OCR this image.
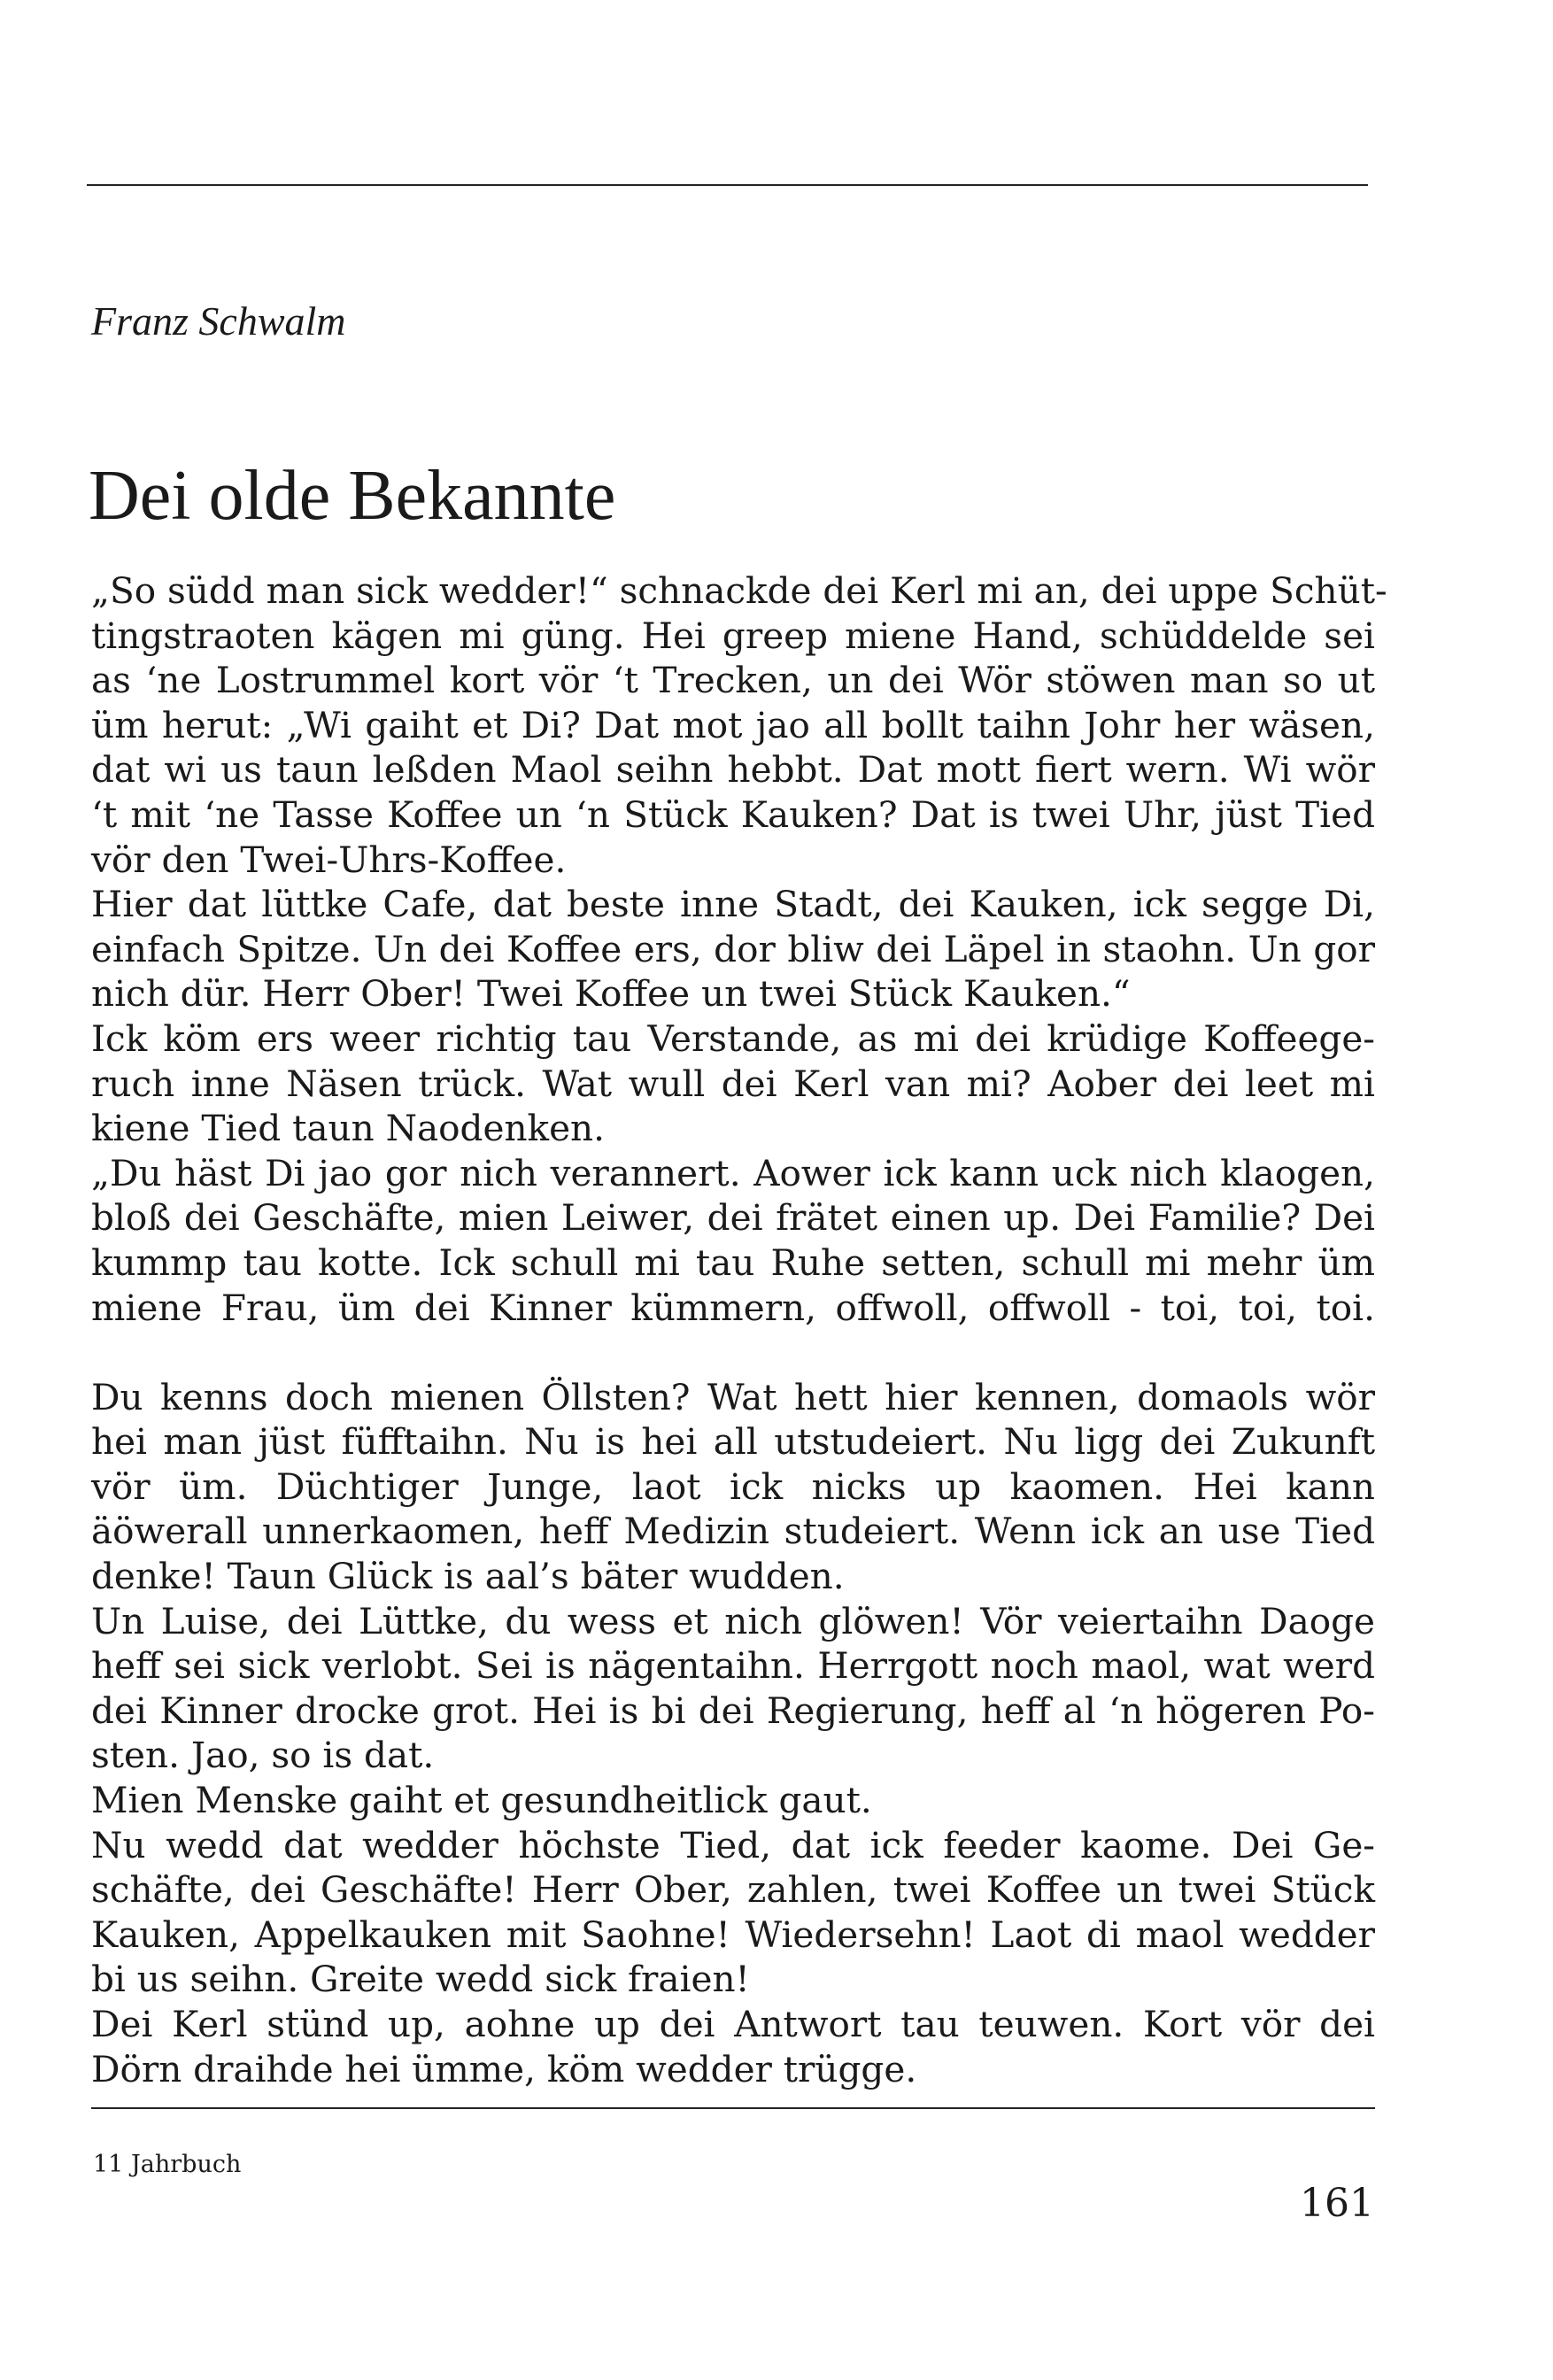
Franz Schwalm
Dei olde Bekannte
„So südd man sick wedder!“ schnackde dei Kerl mi an, dei uppe Schüt-
tingstraoten kägen mi güng. Hei greep miene Hand, schüddelde sei
as ‘ne Lostrummel kort vör ‘t Trecken, un dei Wör stöwen man so ut
üm herut: „Wi gaiht et Di? Dat mot jao all bollt taihn Johr her wäsen,
dat wi us taun leßden Maol seihn hebbt. Dat mott fiert wern. Wi wör
‘t mit ‘ne Tasse Koffee un ‘n Stück Kauken? Dat is twei Uhr, jüst Tied
vör den Twei-Uhrs-Koffee.
Hier dat lüttke Cafe, dat beste inne Stadt, dei Kauken, ick segge Di,
einfach Spitze. Un dei Koffee ers, dor bliw dei Läpel in staohn. Un gor
nich dür. Herr Ober! Twei Koffee un twei Stück Kauken.“
Ick köm ers weer richtig tau Verstande, as mi dei krüdige Koffeege-
ruch inne Näsen trück. Wat wull dei Kerl van mi? Aober dei leet mi
kiene Tied taun Naodenken.
„Du häst Di jao gor nich verannert. Aower ick kann uck nich klaogen,
bloß dei Geschäfte, mien Leiwer, dei frätet einen up. Dei Familie? Dei
kummp tau kotte. Ick schull mi tau Ruhe setten, schull mi mehr üm
miene Frau, üm dei Kinner kümmern, offwoll, offwoll - toi, toi, toi.
Du kenns doch mienen Öllsten? Wat hett hier kennen, domaols wör
hei man jüst füfftaihn. Nu is hei all utstudeiert. Nu ligg dei Zukunft
vör üm. Düchtiger Junge, laot ick nicks up kaomen. Hei kann
äöwerall unnerkaomen, heff Medizin studeiert. Wenn ick an use Tied
denke! Taun Glück is aal’s bäter wudden.
Un Luise, dei Lüttke, du wess et nich glöwen! Vör veiertaihn Daoge
heff sei sick verlobt. Sei is nägentaihn. Herrgott noch maol, wat werd
dei Kinner drocke grot. Hei is bi dei Regierung, heff al ‘n högeren Po-
sten. Jao, so is dat.
Mien Menske gaiht et gesundheitlick gaut.
Nu wedd dat wedder höchste Tied, dat ick feeder kaome. Dei Ge-
schäfte, dei Geschäfte! Herr Ober, zahlen, twei Koffee un twei Stück
Kauken, Appelkauken mit Saohne! Wiedersehn! Laot di maol wedder
bi us seihn. Greite wedd sick fraien!
Dei Kerl stünd up, aohne up dei Antwort tau teuwen. Kort vör dei
Dörn draihde hei ümme, köm wedder trügge.
11 Jahrbuch
161
